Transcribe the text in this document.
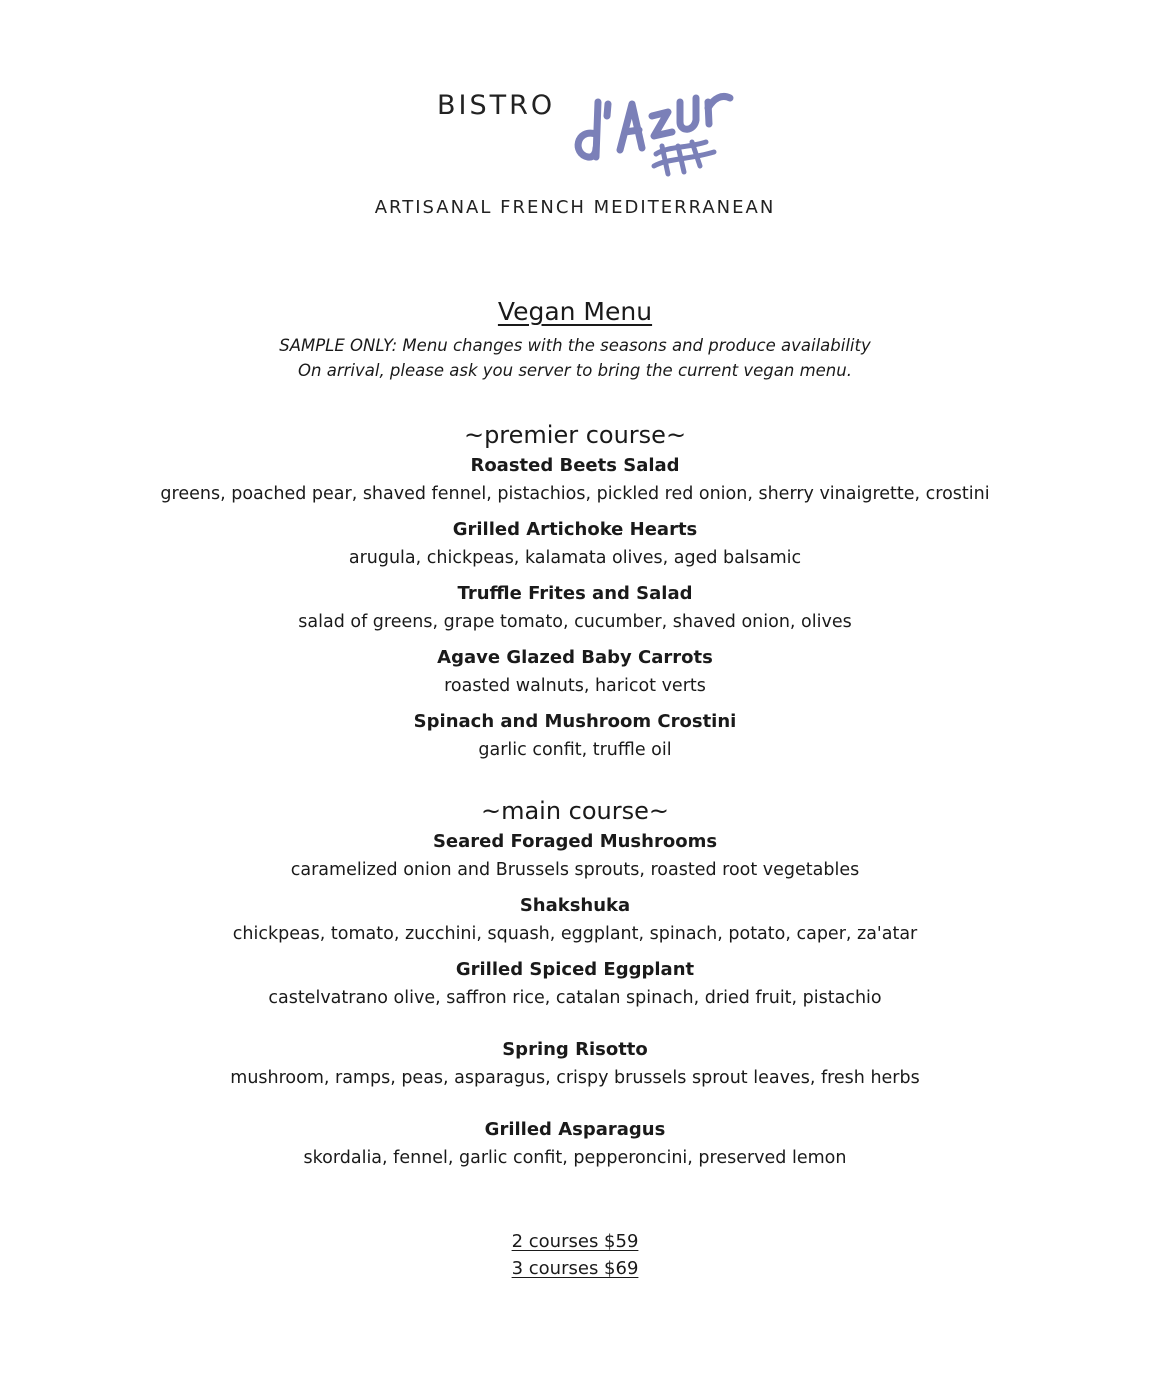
BISTRO
ARTISANAL FRENCH MEDITERRANEAN
Vegan Menu
SAMPLE ONLY: Menu changes with the seasons and produce availability
On arrival, please ask you server to bring the current vegan menu.
~premier course~
Roasted Beets Salad
greens, poached pear, shaved fennel, pistachios, pickled red onion, sherry vinaigrette, crostini
Grilled Artichoke Hearts
arugula, chickpeas, kalamata olives, aged balsamic
Truffle Frites and Salad
salad of greens, grape tomato, cucumber, shaved onion, olives
Agave Glazed Baby Carrots
roasted walnuts, haricot verts
Spinach and Mushroom Crostini
garlic confit, truffle oil
~main course~
Seared Foraged Mushrooms
caramelized onion and Brussels sprouts, roasted root vegetables
Shakshuka
chickpeas, tomato, zucchini, squash, eggplant, spinach, potato, caper, za'atar
Grilled Spiced Eggplant
castelvatrano olive, saffron rice, catalan spinach, dried fruit, pistachio
Spring Risotto
mushroom, ramps, peas, asparagus, crispy brussels sprout leaves, fresh herbs
Grilled Asparagus
skordalia, fennel, garlic confit, pepperoncini, preserved lemon
2 courses $59
3 courses $69
